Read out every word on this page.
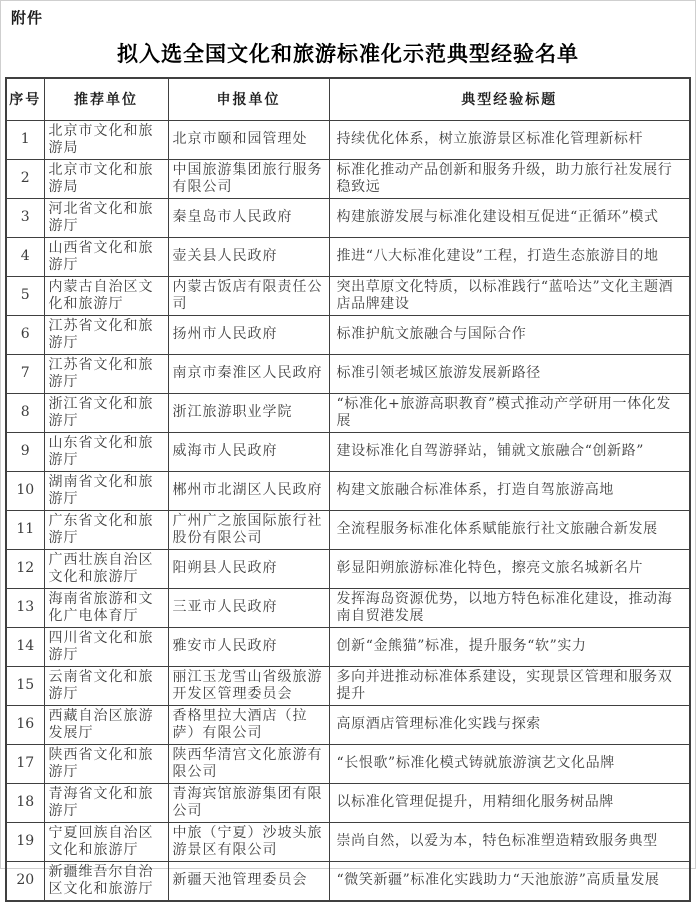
附件
拟入选全国文化和旅游标准化示范典型经验名单
序号	推荐单位	申报单位	典型经验标题
1	北京市文化和旅游局	北京市颐和园管理处	持续优化体系，树立旅游景区标准化管理新标杆
2	北京市文化和旅游局	中国旅游集团旅行服务有限公司	标准化推动产品创新和服务升级，助力旅行社发展行稳致远
3	河北省文化和旅游厅	秦皇岛市人民政府	构建旅游发展与标准化建设相互促进“正循环”模式
4	山西省文化和旅游厅	壶关县人民政府	推进“八大标准化建设”工程，打造生态旅游目的地
5	内蒙古自治区文化和旅游厅	内蒙古饭店有限责任公司	突出草原文化特质，以标准践行“蓝哈达”文化主题酒店品牌建设
6	江苏省文化和旅游厅	扬州市人民政府	标准护航文旅融合与国际合作
7	江苏省文化和旅游厅	南京市秦淮区人民政府	标准引领老城区旅游发展新路径
8	浙江省文化和旅游厅	浙江旅游职业学院	“标准化+旅游高职教育”模式推动产学研用一体化发展
9	山东省文化和旅游厅	威海市人民政府	建设标准化自驾游驿站，铺就文旅融合“创新路”
10	湖南省文化和旅游厅	郴州市北湖区人民政府	构建文旅融合标准体系，打造自驾旅游高地
11	广东省文化和旅游厅	广州广之旅国际旅行社股份有限公司	全流程服务标准化体系赋能旅行社文旅融合新发展
12	广西壮族自治区文化和旅游厅	阳朔县人民政府	彰显阳朔旅游标准化特色，擦亮文旅名城新名片
13	海南省旅游和文化广电体育厅	三亚市人民政府	发挥海岛资源优势，以地方特色标准化建设，推动海南自贸港发展
14	四川省文化和旅游厅	雅安市人民政府	创新“金熊猫”标准，提升服务“软”实力
15	云南省文化和旅游厅	丽江玉龙雪山省级旅游开发区管理委员会	多向并进推动标准体系建设，实现景区管理和服务双提升
16	西藏自治区旅游发展厅	香格里拉大酒店（拉萨）有限公司	高原酒店管理标准化实践与探索
17	陕西省文化和旅游厅	陕西华清宫文化旅游有限公司	“长恨歌”标准化模式铸就旅游演艺文化品牌
18	青海省文化和旅游厅	青海宾馆旅游集团有限公司	以标准化管理促提升，用精细化服务树品牌
19	宁夏回族自治区文化和旅游厅	中旅（宁夏）沙坡头旅游景区有限公司	崇尚自然，以爱为本，特色标准塑造精致服务典型
20	新疆维吾尔自治区文化和旅游厅	新疆天池管理委员会	“微笑新疆”标准化实践助力“天池旅游”高质量发展
